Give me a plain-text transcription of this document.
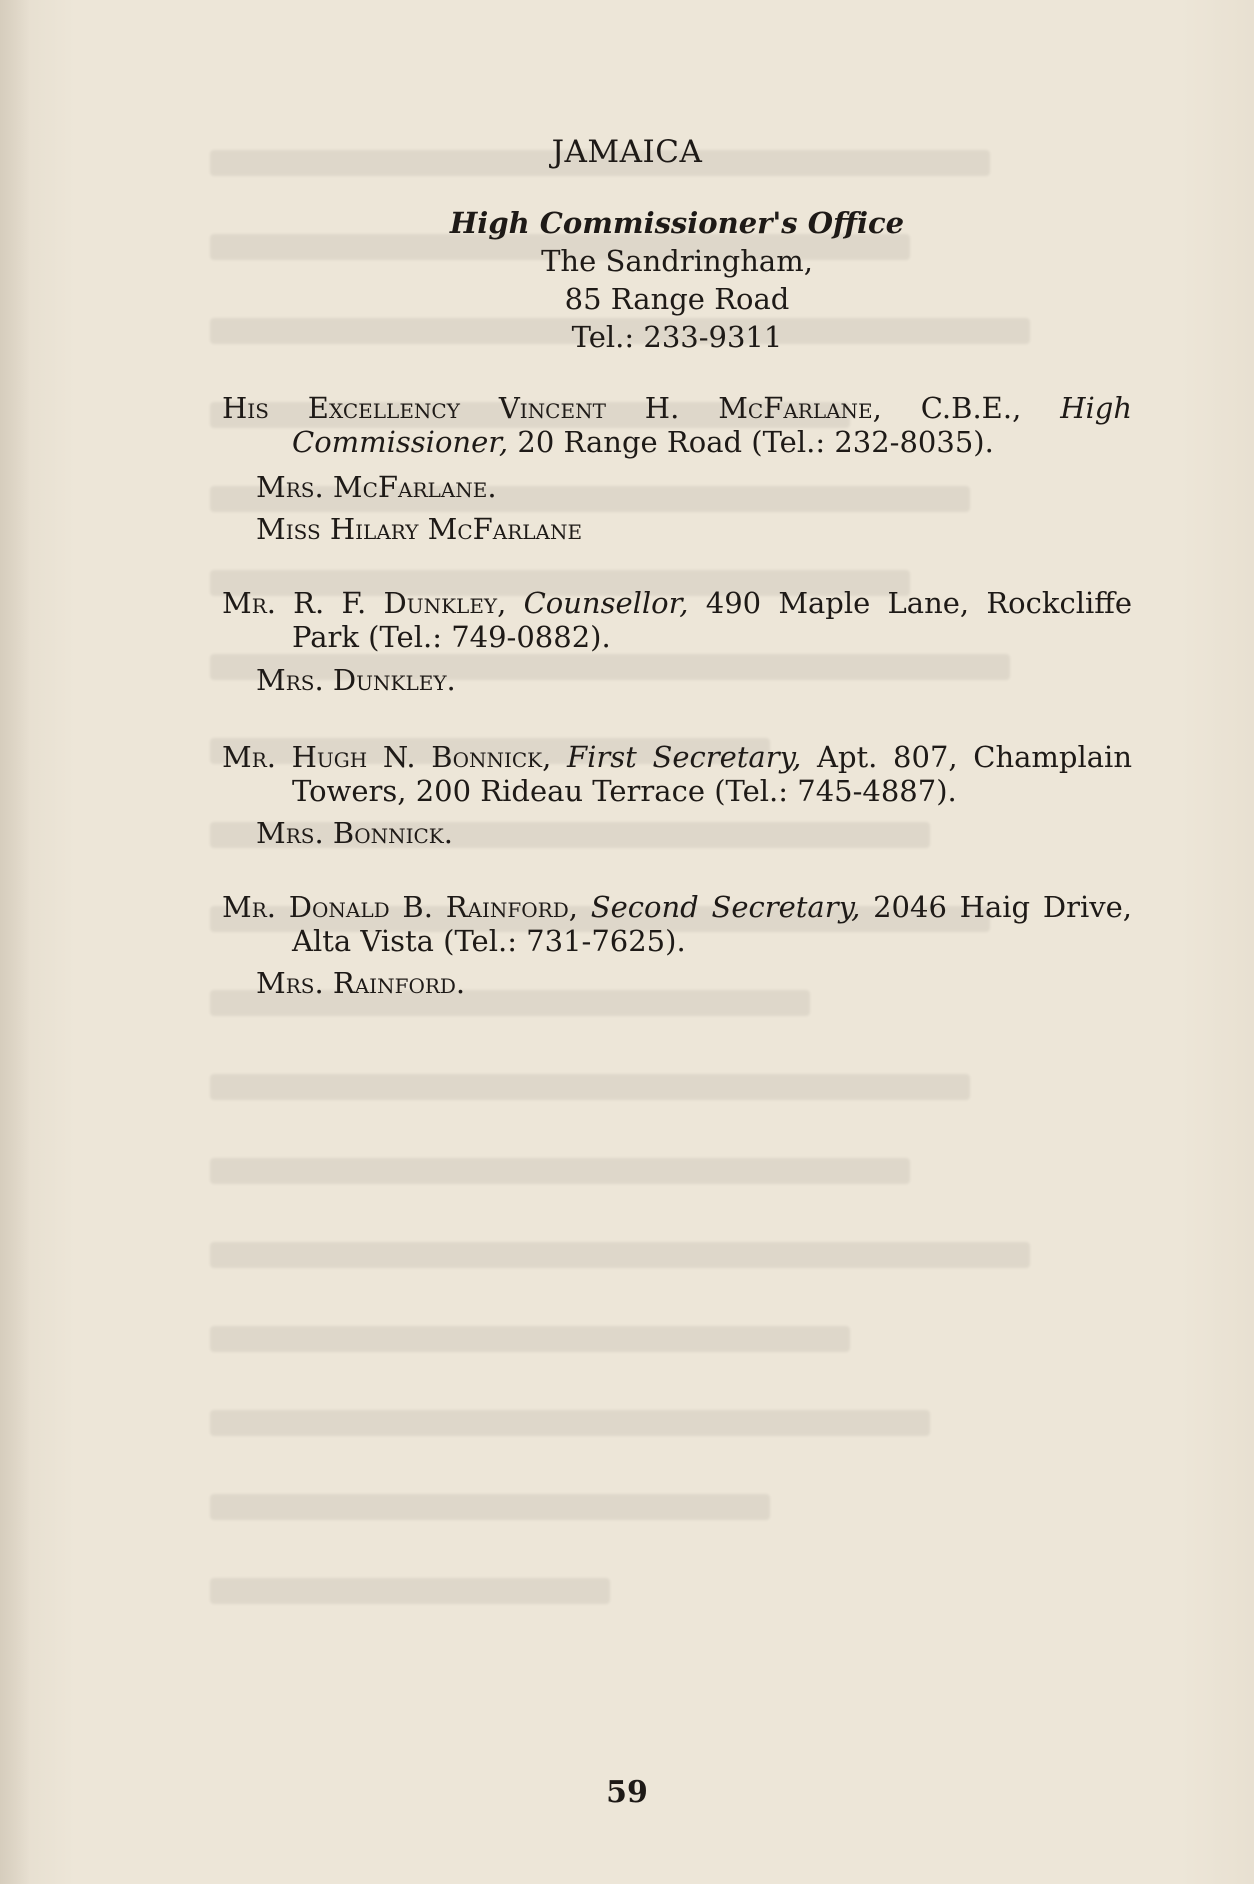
JAMAICA
High Commissioner's Office
The Sandringham,
85 Range Road
Tel.: 233-9311
His Excellency Vincent H. McFarlane, C.B.E., High Commissioner, 20 Range Road (Tel.: 232-8035).
Mrs. McFarlane.
Miss Hilary McFarlane
Mr. R. F. Dunkley, Counsellor, 490 Maple Lane, Rockcliffe Park (Tel.: 749-0882).
Mrs. Dunkley.
Mr. Hugh N. Bonnick, First Secretary, Apt. 807, Champlain Towers, 200 Rideau Terrace (Tel.: 745-4887).
Mrs. Bonnick.
Mr. Donald B. Rainford, Second Secretary, 2046 Haig Drive, Alta Vista (Tel.: 731-7625).
Mrs. Rainford.
59
